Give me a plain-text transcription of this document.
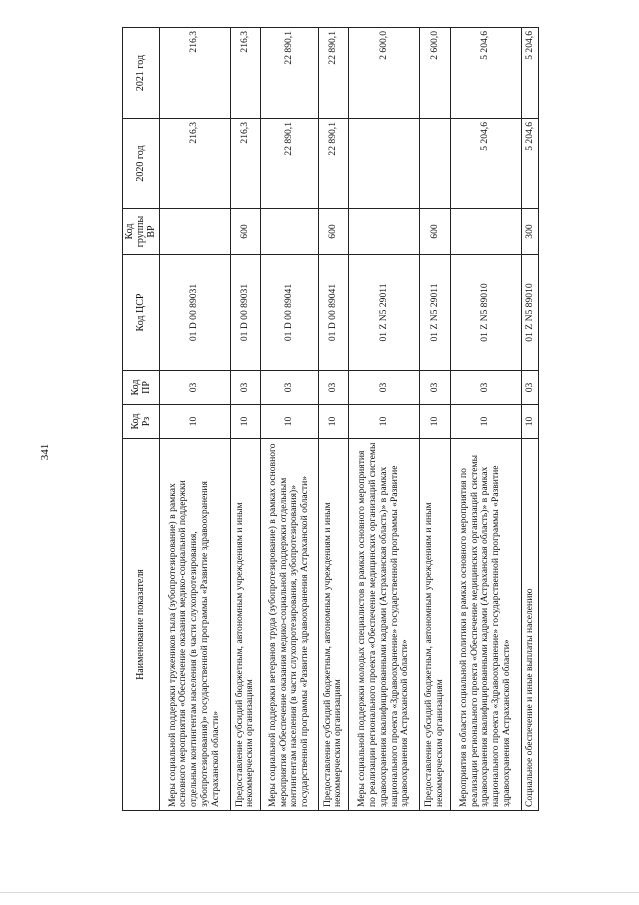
341
Наименование показателя	Код Рз	Код ПР	Код ЦСР	Код группы ВР	2020 год	2021 год
Меры социальной поддержки тружеников тыла (зубопротезирование) в рамках основного мероприятия «Обеспечение оказания медико-социальной поддержки отдельным контингентам населения (в части слухопротезирования, зубопротезирования)» государственной программы «Развитие здравоохранения Астраханской области»	10	03	01 D 00 89031		216,3	216,3
Предоставление субсидий бюджетным, автономным учреждениям и иным некоммерческим организациям	10	03	01 D 00 89031	600	216,3	216,3
Меры социальной поддержки ветеранов труда (зубопротезирование) в рамках основного мероприятия «Обеспечение оказания медико-социальной поддержки отдельным контингентам населения (в части слухопротезирования, зубопротезирования)» государственной программы «Развитие здравоохранения Астраханской области»	10	03	01 D 00 89041		22 890,1	22 890,1
Предоставление субсидий бюджетным, автономным учреждениям и иным некоммерческим организациям	10	03	01 D 00 89041	600	22 890,1	22 890,1
Меры социальной поддержки молодых специалистов в рамках основного мероприятия по реализации регионального проекта «Обеспечение медицинских организаций системы здравоохранения квалифицированными кадрами (Астраханская область)» в рамках национального проекта «Здравоохранение» государственной программы «Развитие здравоохранения Астраханской области»	10	03	01 Z N5 29011			2 600,0
Предоставление субсидий бюджетным, автономным учреждениям и иным некоммерческим организациям	10	03	01 Z N5 29011	600		2 600,0
Мероприятия в области социальной политики в рамках основного мероприятия по реализации регионального проекта «Обеспечение медицинских организаций системы здравоохранения квалифицированными кадрами (Астраханская область)» в рамках национального проекта «Здравоохранение» государственной программы «Развитие здравоохранения Астраханской области»	10	03	01 Z N5 89010		5 204,6	5 204,6
Социальное обеспечение и иные выплаты населению	10	03	01 Z N5 89010	300	5 204,6	5 204,6
